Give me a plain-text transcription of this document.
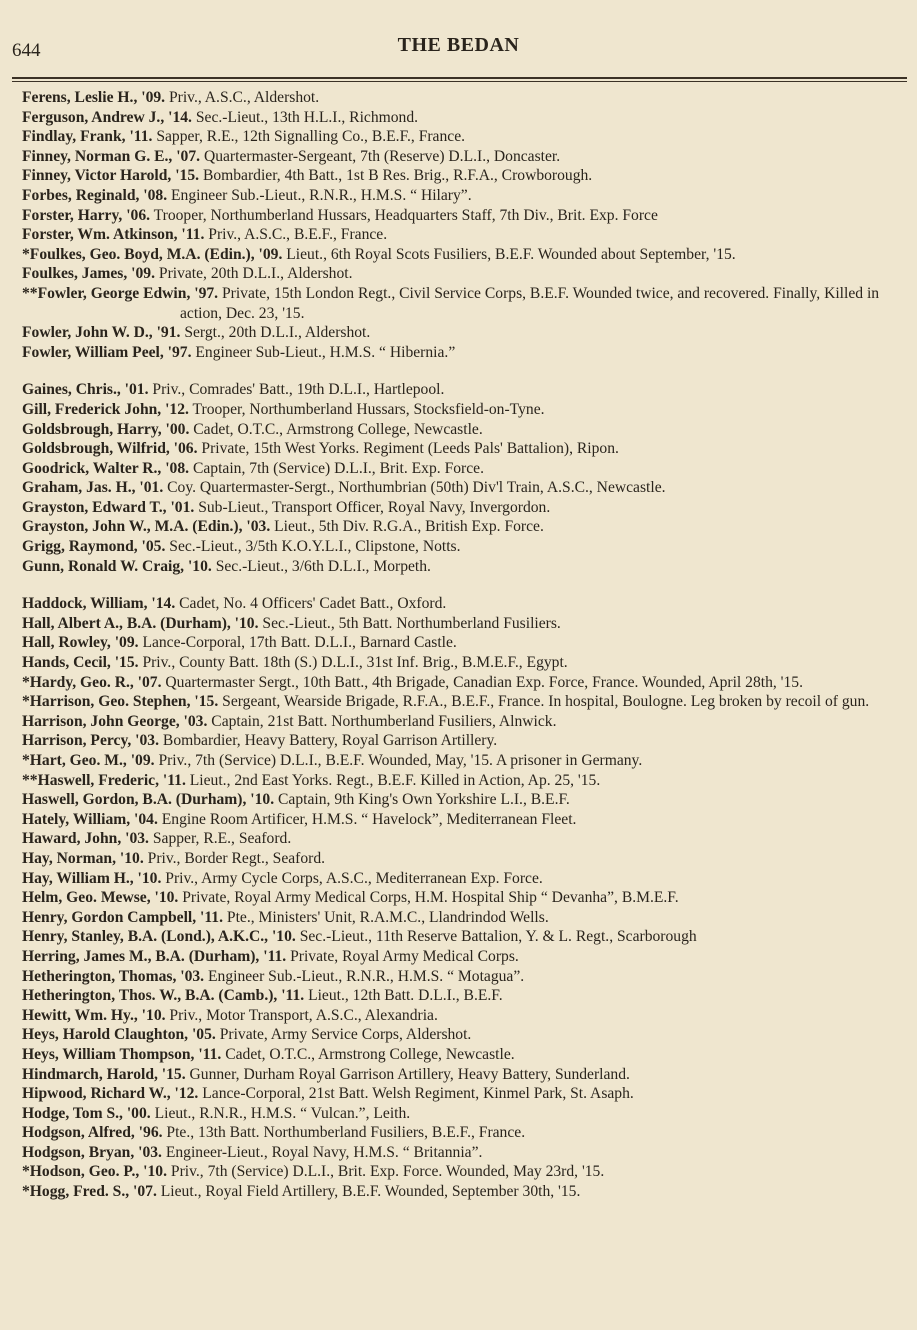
644	THE BEDAN
Ferens, Leslie H., '09. Priv., A.S.C., Aldershot.
Ferguson, Andrew J., '14. Sec.-Lieut., 13th H.L.I., Richmond.
Findlay, Frank, '11. Sapper, R.E., 12th Signalling Co., B.E.F., France.
Finney, Norman G. E., '07. Quartermaster-Sergeant, 7th (Reserve) D.L.I., Doncaster.
Finney, Victor Harold, '15. Bombardier, 4th Batt., 1st B Res. Brig., R.F.A., Crowborough.
Forbes, Reginald, '08. Engineer Sub.-Lieut., R.N.R., H.M.S. “ Hilary”.
Forster, Harry, '06. Trooper, Northumberland Hussars, Headquarters Staff, 7th Div., Brit. Exp. Force
Forster, Wm. Atkinson, '11. Priv., A.S.C., B.E.F., France.
*Foulkes, Geo. Boyd, M.A. (Edin.), '09. Lieut., 6th Royal Scots Fusiliers, B.E.F. Wounded about September, '15.
Foulkes, James, '09. Private, 20th D.L.I., Aldershot.
**Fowler, George Edwin, '97. Private, 15th London Regt., Civil Service Corps, B.E.F. Wounded twice, and recovered. Finally, Killed in action, Dec. 23, '15.
Fowler, John W. D., '91. Sergt., 20th D.L.I., Aldershot.
Fowler, William Peel, '97. Engineer Sub-Lieut., H.M.S. “ Hibernia.”
Gaines, Chris., '01. Priv., Comrades' Batt., 19th D.L.I., Hartlepool.
Gill, Frederick John, '12. Trooper, Northumberland Hussars, Stocksfield-on-Tyne.
Goldsbrough, Harry, '00. Cadet, O.T.C., Armstrong College, Newcastle.
Goldsbrough, Wilfrid, '06. Private, 15th West Yorks. Regiment (Leeds Pals' Battalion), Ripon.
Goodrick, Walter R., '08. Captain, 7th (Service) D.L.I., Brit. Exp. Force.
Graham, Jas. H., '01. Coy. Quartermaster-Sergt., Northumbrian (50th) Div'l Train, A.S.C., Newcastle.
Grayston, Edward T., '01. Sub-Lieut., Transport Officer, Royal Navy, Invergordon.
Grayston, John W., M.A. (Edin.), '03. Lieut., 5th Div. R.G.A., British Exp. Force.
Grigg, Raymond, '05. Sec.-Lieut., 3/5th K.O.Y.L.I., Clipstone, Notts.
Gunn, Ronald W. Craig, '10. Sec.-Lieut., 3/6th D.L.I., Morpeth.
Haddock, William, '14. Cadet, No. 4 Officers' Cadet Batt., Oxford.
Hall, Albert A., B.A. (Durham), '10. Sec.-Lieut., 5th Batt. Northumberland Fusiliers.
Hall, Rowley, '09. Lance-Corporal, 17th Batt. D.L.I., Barnard Castle.
Hands, Cecil, '15. Priv., County Batt. 18th (S.) D.L.I., 31st Inf. Brig., B.M.E.F., Egypt.
*Hardy, Geo. R., '07. Quartermaster Sergt., 10th Batt., 4th Brigade, Canadian Exp. Force, France. Wounded, April 28th, '15.
*Harrison, Geo. Stephen, '15. Sergeant, Wearside Brigade, R.F.A., B.E.F., France. In hospital, Boulogne. Leg broken by recoil of gun.
Harrison, John George, '03. Captain, 21st Batt. Northumberland Fusiliers, Alnwick.
Harrison, Percy, '03. Bombardier, Heavy Battery, Royal Garrison Artillery.
*Hart, Geo. M., '09. Priv., 7th (Service) D.L.I., B.E.F. Wounded, May, '15. A prisoner in Germany.
**Haswell, Frederic, '11. Lieut., 2nd East Yorks. Regt., B.E.F. Killed in Action, Ap. 25, '15.
Haswell, Gordon, B.A. (Durham), '10. Captain, 9th King's Own Yorkshire L.I., B.E.F.
Hately, William, '04. Engine Room Artificer, H.M.S. “ Havelock”, Mediterranean Fleet.
Haward, John, '03. Sapper, R.E., Seaford.
Hay, Norman, '10. Priv., Border Regt., Seaford.
Hay, William H., '10. Priv., Army Cycle Corps, A.S.C., Mediterranean Exp. Force.
Helm, Geo. Mewse, '10. Private, Royal Army Medical Corps, H.M. Hospital Ship “ Devanha”, B.M.E.F.
Henry, Gordon Campbell, '11. Pte., Ministers' Unit, R.A.M.C., Llandrindod Wells.
Henry, Stanley, B.A. (Lond.), A.K.C., '10. Sec.-Lieut., 11th Reserve Battalion, Y. & L. Regt., Scarborough
Herring, James M., B.A. (Durham), '11. Private, Royal Army Medical Corps.
Hetherington, Thomas, '03. Engineer Sub.-Lieut., R.N.R., H.M.S. “ Motagua”.
Hetherington, Thos. W., B.A. (Camb.), '11. Lieut., 12th Batt. D.L.I., B.E.F.
Hewitt, Wm. Hy., '10. Priv., Motor Transport, A.S.C., Alexandria.
Heys, Harold Claughton, '05. Private, Army Service Corps, Aldershot.
Heys, William Thompson, '11. Cadet, O.T.C., Armstrong College, Newcastle.
Hindmarch, Harold, '15. Gunner, Durham Royal Garrison Artillery, Heavy Battery, Sunderland.
Hipwood, Richard W., '12. Lance-Corporal, 21st Batt. Welsh Regiment, Kinmel Park, St. Asaph.
Hodge, Tom S., '00. Lieut., R.N.R., H.M.S. “ Vulcan.”, Leith.
Hodgson, Alfred, '96. Pte., 13th Batt. Northumberland Fusiliers, B.E.F., France.
Hodgson, Bryan, '03. Engineer-Lieut., Royal Navy, H.M.S. “ Britannia”.
*Hodson, Geo. P., '10. Priv., 7th (Service) D.L.I., Brit. Exp. Force. Wounded, May 23rd, '15.
*Hogg, Fred. S., '07. Lieut., Royal Field Artillery, B.E.F. Wounded, September 30th, '15.
